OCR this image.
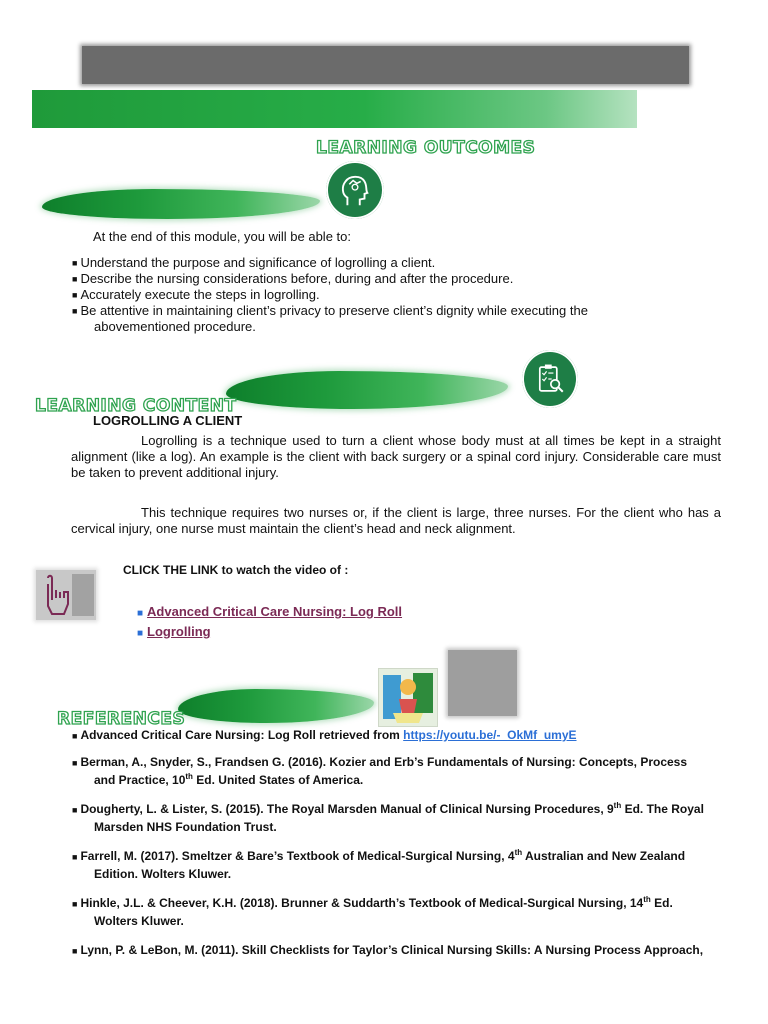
LEARNING OUTCOMES
At the end of this module, you will be able to:
■ Understand the purpose and significance of logrolling a client.
■ Describe the nursing considerations before, during and after the procedure.
■ Accurately execute the steps in logrolling.
■ Be attentive in maintaining client’s privacy to preserve client’s dignity while executing the
abovementioned procedure.
LEARNING CONTENT
LOGROLLING A CLIENT
Logrolling is a technique used to turn a client whose body must at all times be kept in a straight alignment (like a log). An example is the client with back surgery or a spinal cord injury. Considerable care must be taken to prevent additional injury.
This technique requires two nurses or, if the client is large, three nurses. For the client who has a cervical injury, one nurse must maintain the client’s head and neck alignment.
CLICK THE LINK to watch the video of :
■ Advanced Critical Care Nursing: Log Roll
■ Logrolling
REFERENCES
■ Advanced Critical Care Nursing: Log Roll retrieved from https://youtu.be/-_OkMf_umyE
■ Berman, A., Snyder, S., Frandsen G. (2016). Kozier and Erb’s Fundamentals of Nursing: Concepts, Process
and Practice, 10th Ed. United States of America.
■ Dougherty, L. & Lister, S. (2015). The Royal Marsden Manual of Clinical Nursing Procedures, 9th Ed. The Royal
Marsden NHS Foundation Trust.
■ Farrell, M. (2017). Smeltzer & Bare’s Textbook of Medical-Surgical Nursing, 4th Australian and New Zealand
Edition. Wolters Kluwer.
■ Hinkle, J.L. & Cheever, K.H. (2018). Brunner & Suddarth’s Textbook of Medical-Surgical Nursing, 14th Ed.
Wolters Kluwer.
■ Lynn, P. & LeBon, M. (2011). Skill Checklists for Taylor’s Clinical Nursing Skills: A Nursing Process Approach,
